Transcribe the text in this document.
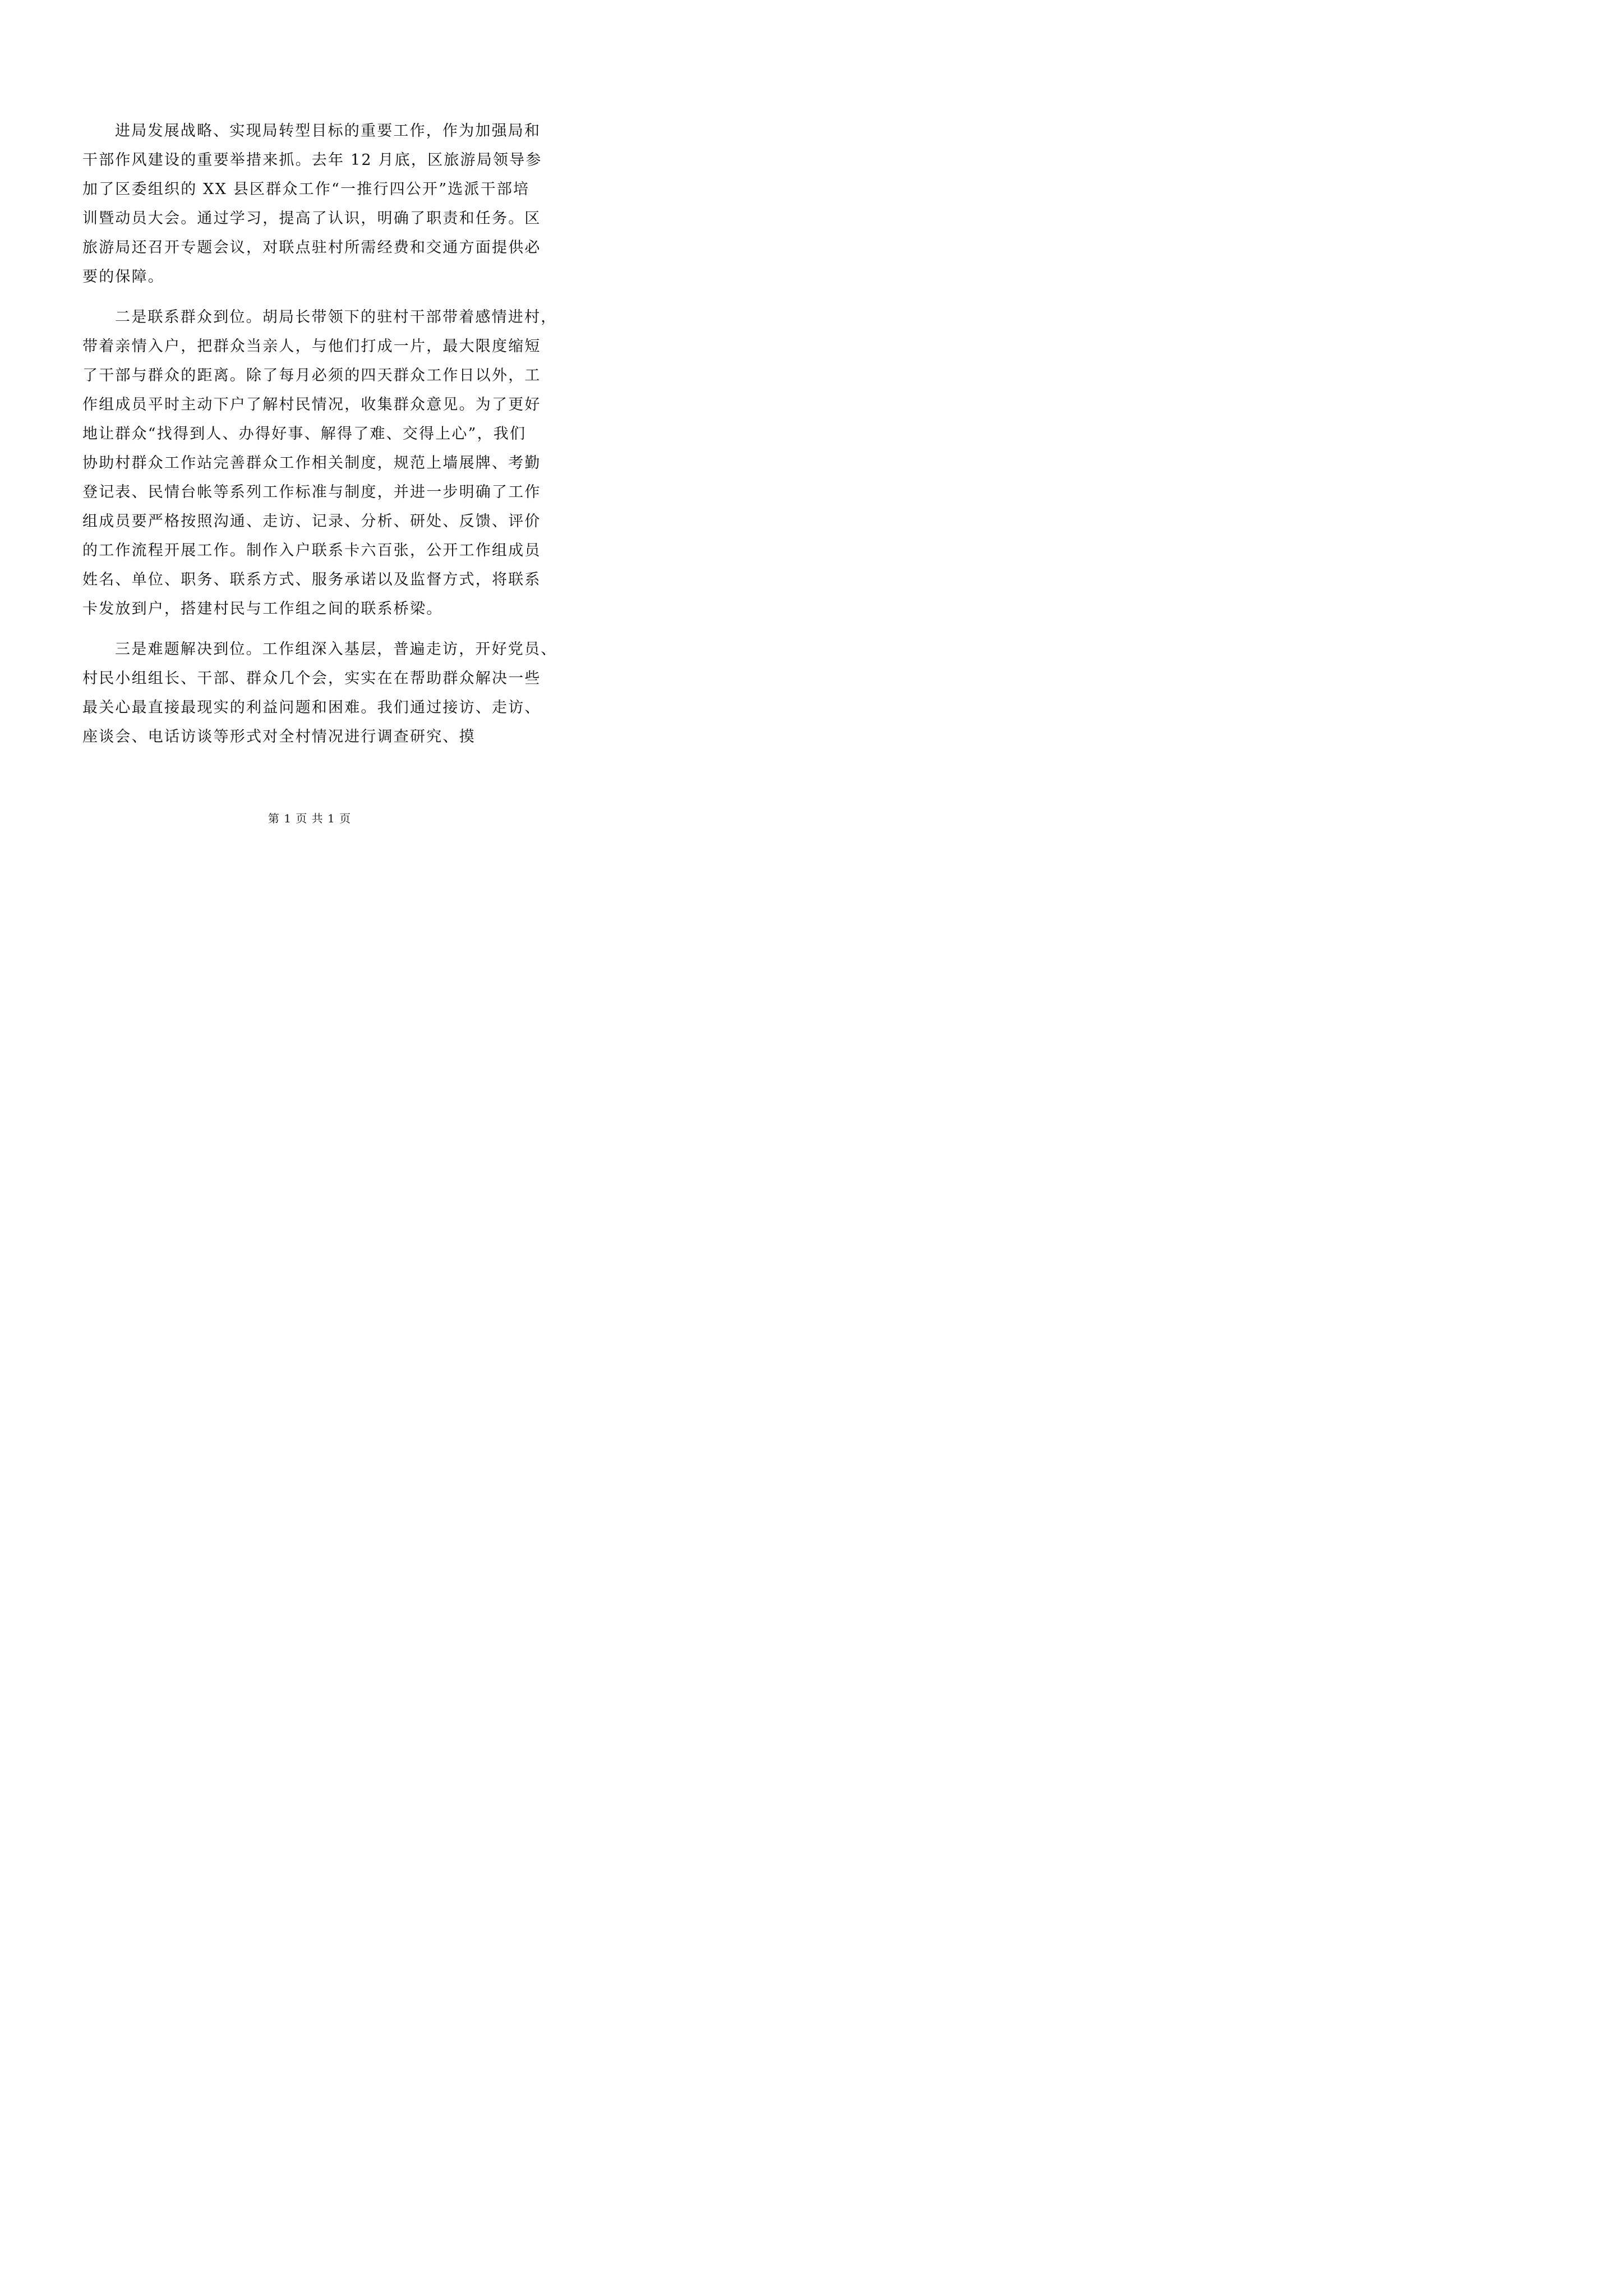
进局发展战略、实现局转型目标的重要工作，作为加强局和
干部作风建设的重要举措来抓。去年 12 月底，区旅游局领导参
加了区委组织的 XX 县区群众工作“一推行四公开”选派干部培
训暨动员大会。通过学习，提高了认识，明确了职责和任务。区
旅游局还召开专题会议，对联点驻村所需经费和交通方面提供必
要的保障。
二是联系群众到位。胡局长带领下的驻村干部带着感情进村，
带着亲情入户，把群众当亲人，与他们打成一片，最大限度缩短
了干部与群众的距离。除了每月必须的四天群众工作日以外，工
作组成员平时主动下户了解村民情况，收集群众意见。为了更好
地让群众“找得到人、办得好事、解得了难、交得上心”，我们
协助村群众工作站完善群众工作相关制度，规范上墙展牌、考勤
登记表、民情台帐等系列工作标准与制度，并进一步明确了工作
组成员要严格按照沟通、走访、记录、分析、研处、反馈、评价
的工作流程开展工作。制作入户联系卡六百张，公开工作组成员
姓名、单位、职务、联系方式、服务承诺以及监督方式，将联系
卡发放到户，搭建村民与工作组之间的联系桥梁。
三是难题解决到位。工作组深入基层，普遍走访，开好党员、
村民小组组长、干部、群众几个会，实实在在帮助群众解决一些
最关心最直接最现实的利益问题和困难。我们通过接访、走访、
座谈会、电话访谈等形式对全村情况进行调查研究、摸
第 1 页 共 1 页
